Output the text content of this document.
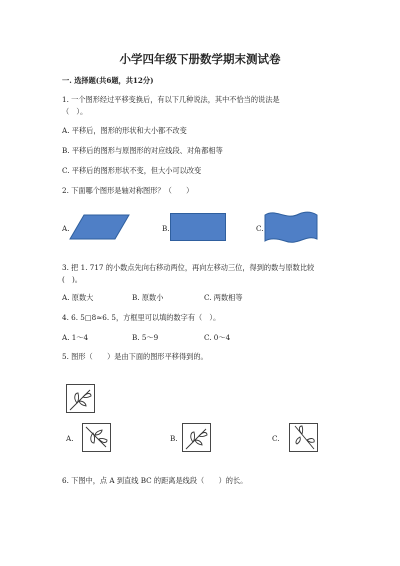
小学四年级下册数学期末测试卷
一. 选择题(共6题，共12分)
1. 一个图形经过平移变换后，有以下几种说法，其中不恰当的说法是
（　）。
A. 平移后，图形的形状和大小都不改变
B. 平移后的图形与原图形的对应线段、对角都相等
C. 平移后的图形形状不变，但大小可以改变
2. 下面哪个图形是轴对称图形？（　　）
A.	B.	C.
3. 把 1. 717 的小数点先向右移动两位，再向左移动三位，得到的数与原数比较
(　)。
A. 原数大	B. 原数小	C. 两数相等
4. 6. 5□8≈6. 5，方框里可以填的数字有（　）。
A. 1～4	B. 5～9	C. 0～4
5. 图形（　　）是由下面的图形平移得到的。
A.	B.	C.
6. 下图中，点 A 到直线 BC 的距离是线段（　　）的长。
